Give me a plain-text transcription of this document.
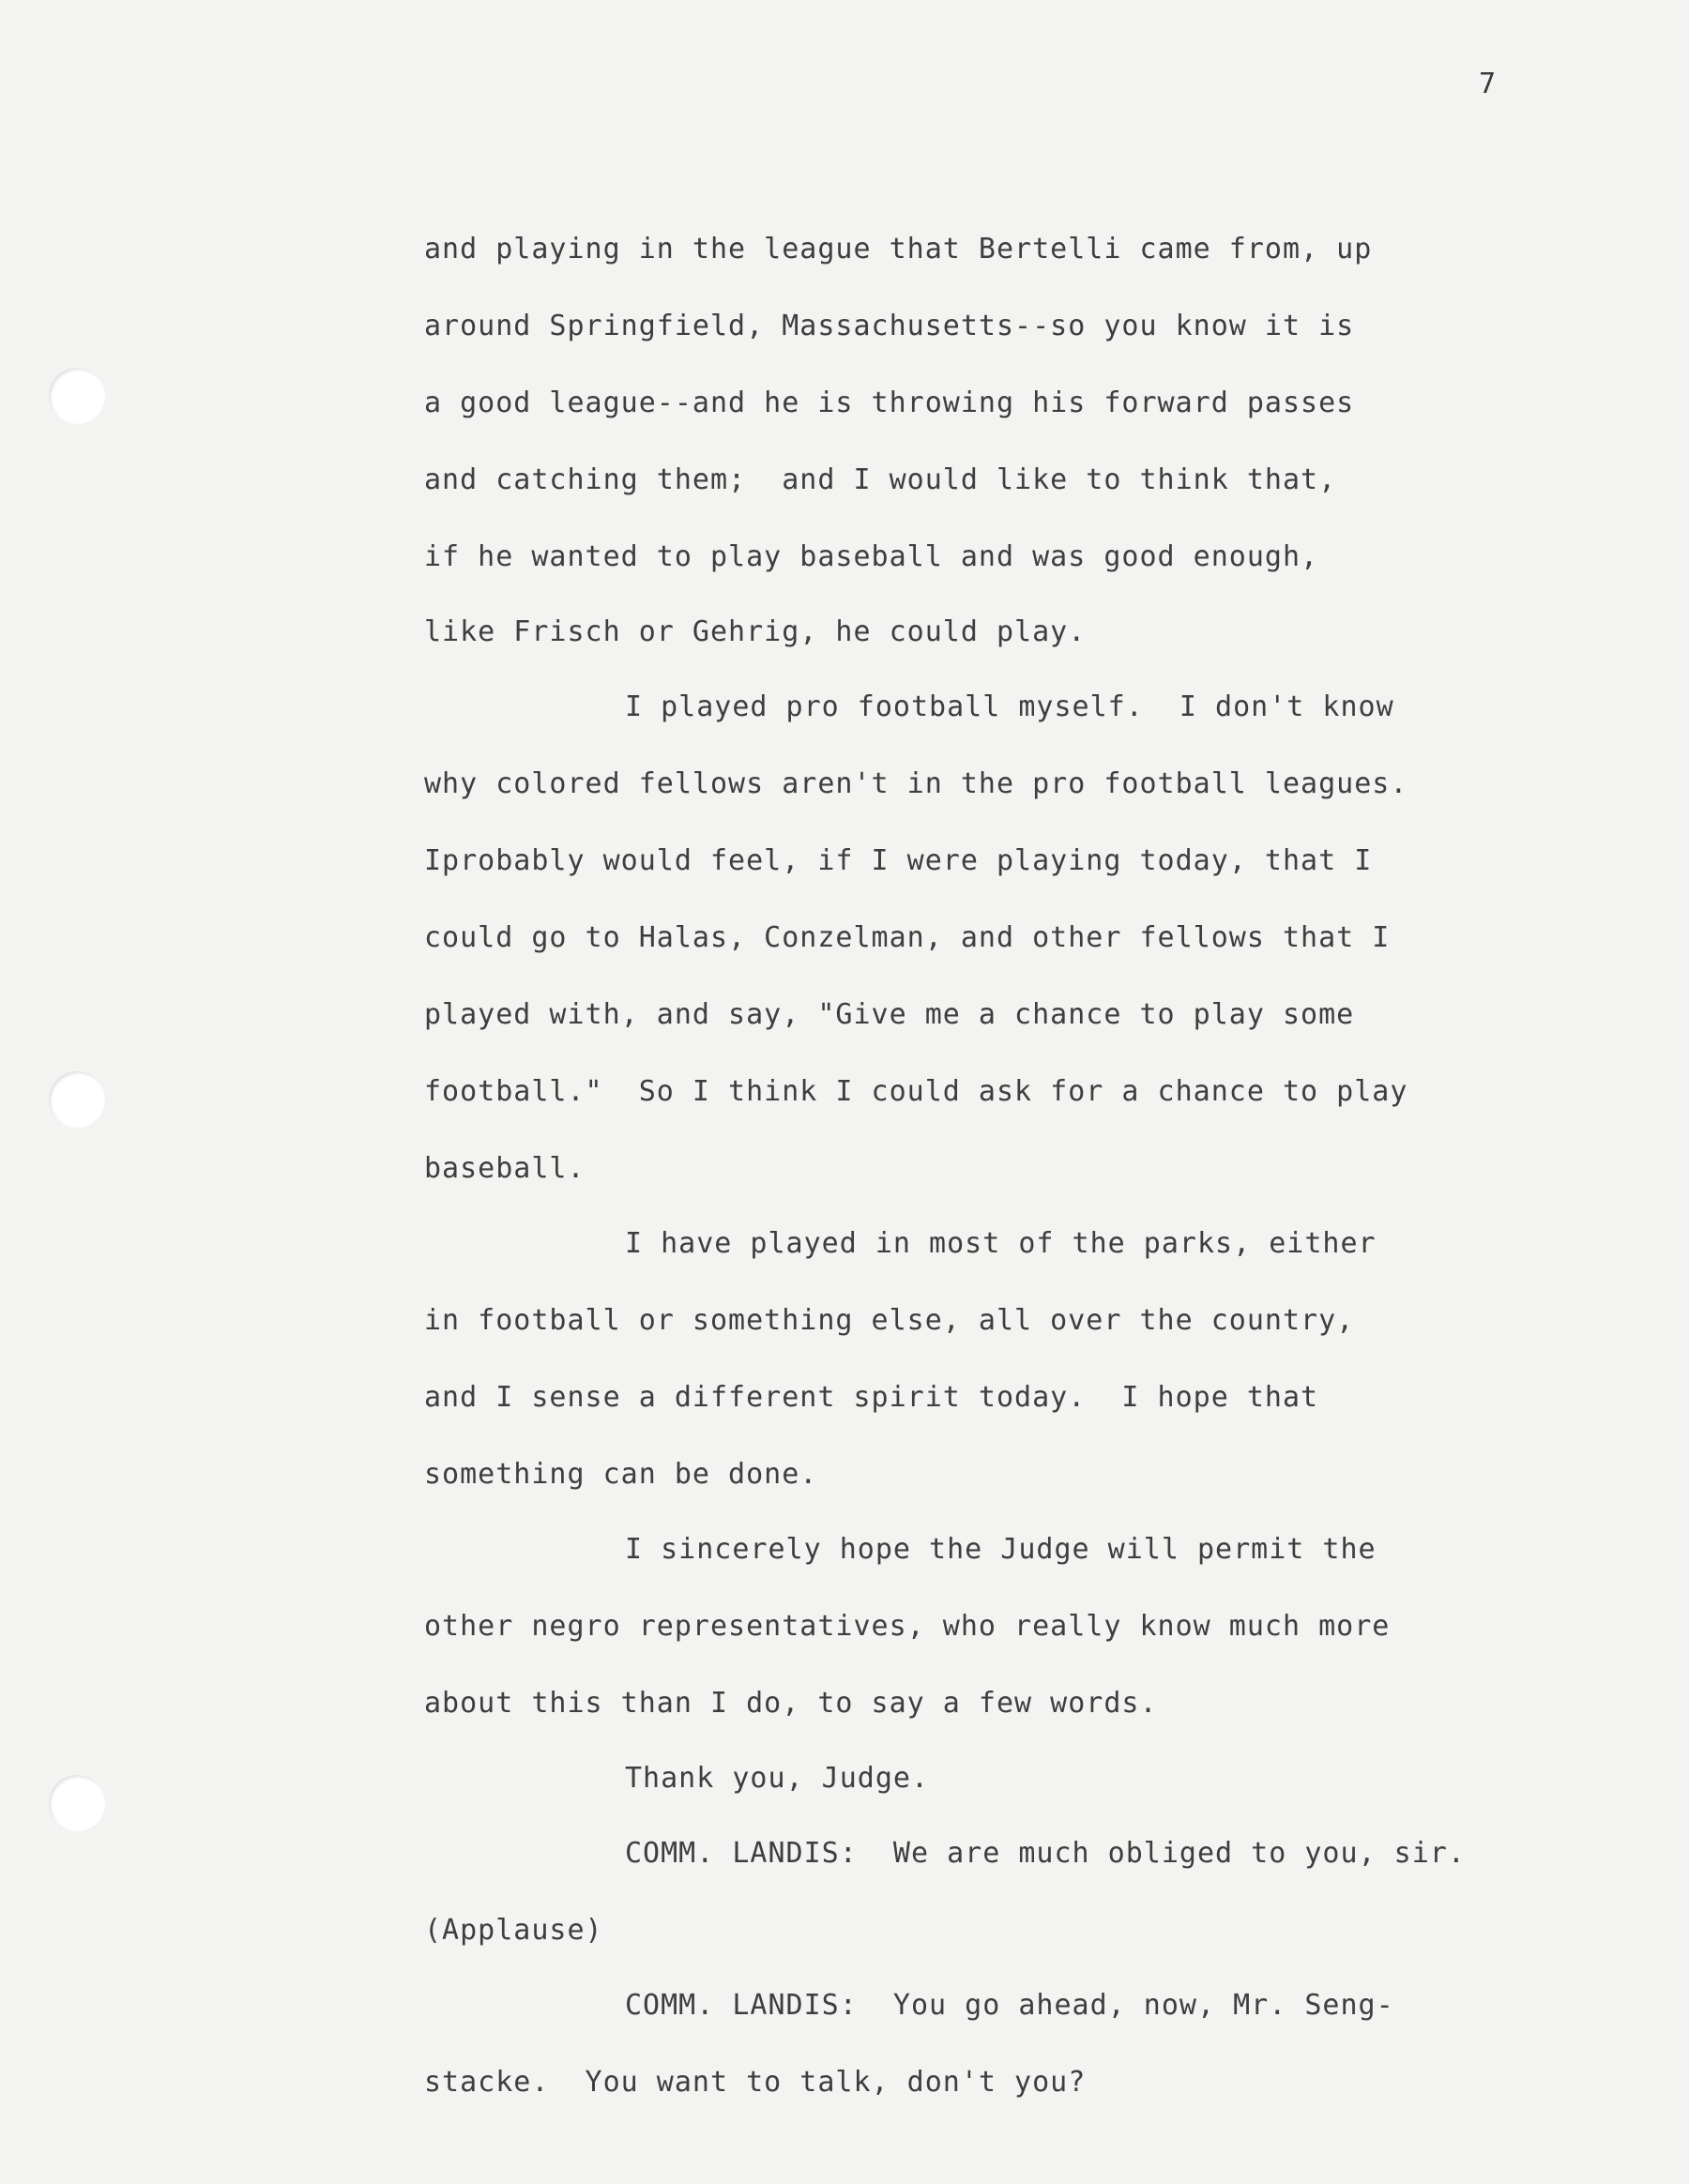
7
and playing in the league that Bertelli came from, up
around Springfield, Massachusetts--so you know it is
a good league--and he is throwing his forward passes
and catching them;  and I would like to think that,
if he wanted to play baseball and was good enough,
like Frisch or Gehrig, he could play.
I played pro football myself.  I don't know
why colored fellows aren't in the pro football leagues.
Iprobably would feel, if I were playing today, that I
could go to Halas, Conzelman, and other fellows that I
played with, and say, "Give me a chance to play some
football."  So I think I could ask for a chance to play
baseball.
I have played in most of the parks, either
in football or something else, all over the country,
and I sense a different spirit today.  I hope that
something can be done.
I sincerely hope the Judge will permit the
other negro representatives, who really know much more
about this than I do, to say a few words.
Thank you, Judge.
COMM. LANDIS:  We are much obliged to you, sir.
(Applause)
COMM. LANDIS:  You go ahead, now, Mr. Seng-
stacke.  You want to talk, don't you?
